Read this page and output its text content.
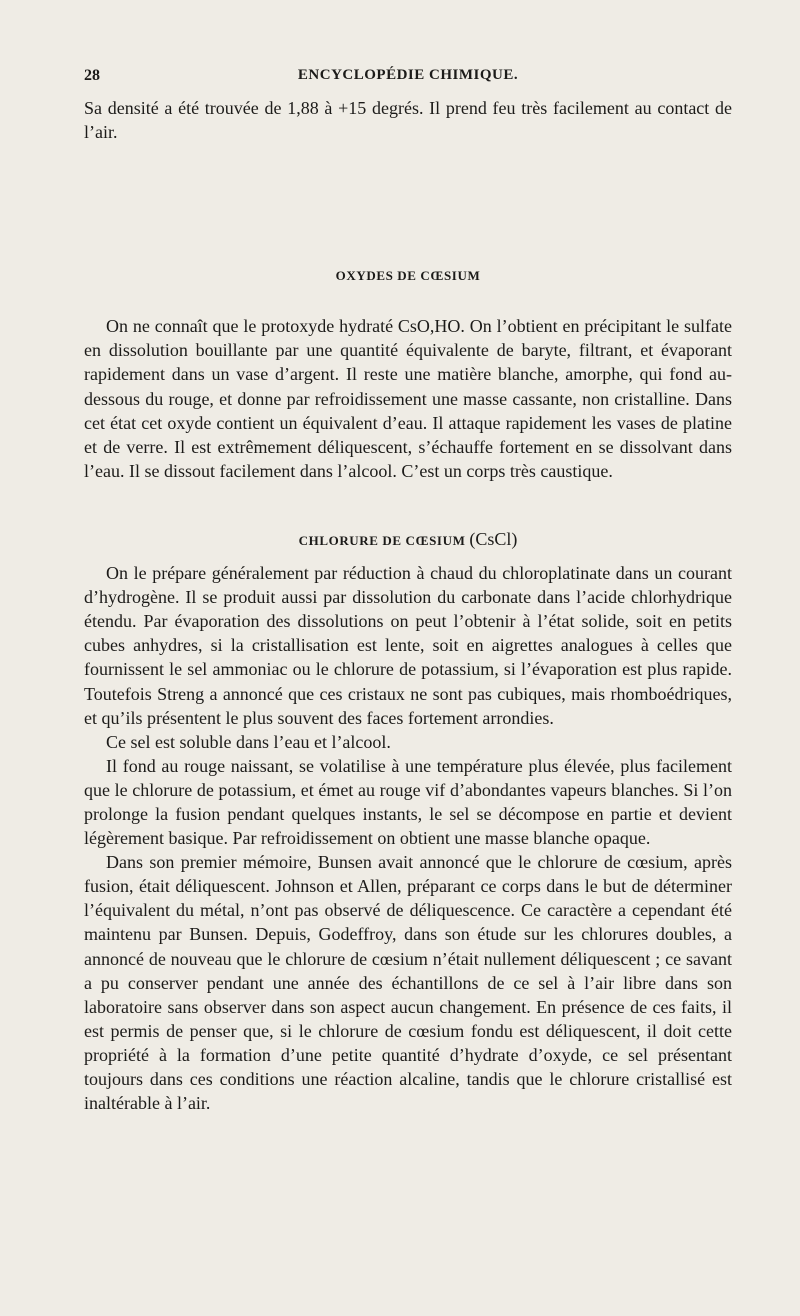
28	ENCYCLOPÉDIE CHIMIQUE.

Sa densité a été trouvée de 1,88 à +15 degrés. Il prend feu très facilement au contact de l’air.

OXYDES DE CŒSIUM

On ne connaît que le protoxyde hydraté CsO,HO. On l’obtient en précipitant le sulfate en dissolution bouillante par une quantité équivalente de baryte, filtrant, et évaporant rapidement dans un vase d’argent. Il reste une matière blanche, amorphe, qui fond au-dessous du rouge, et donne par refroidissement une masse cassante, non cristalline. Dans cet état cet oxyde contient un équivalent d’eau. Il attaque rapidement les vases de platine et de verre. Il est extrêmement déliquescent, s’échauffe fortement en se dissolvant dans l’eau. Il se dissout facilement dans l’alcool. C’est un corps très caustique.

CHLORURE DE CŒSIUM (CsCl)

On le prépare généralement par réduction à chaud du chloroplatinate dans un courant d’hydrogène. Il se produit aussi par dissolution du carbonate dans l’acide chlorhydrique étendu. Par évaporation des dissolutions on peut l’obtenir à l’état solide, soit en petits cubes anhydres, si la cristallisation est lente, soit en aigrettes analogues à celles que fournissent le sel ammoniac ou le chlorure de potassium, si l’évaporation est plus rapide. Toutefois Streng a annoncé que ces cristaux ne sont pas cubiques, mais rhomboédriques, et qu’ils présentent le plus souvent des faces fortement arrondies.

Ce sel est soluble dans l’eau et l’alcool.

Il fond au rouge naissant, se volatilise à une température plus élevée, plus facilement que le chlorure de potassium, et émet au rouge vif d’abondantes vapeurs blanches. Si l’on prolonge la fusion pendant quelques instants, le sel se décompose en partie et devient légèrement basique. Par refroidissement on obtient une masse blanche opaque.

Dans son premier mémoire, Bunsen avait annoncé que le chlorure de cœsium, après fusion, était déliquescent. Johnson et Allen, préparant ce corps dans le but de déterminer l’équivalent du métal, n’ont pas observé de déliquescence. Ce caractère a cependant été maintenu par Bunsen. Depuis, Godeffroy, dans son étude sur les chlorures doubles, a annoncé de nouveau que le chlorure de cœsium n’était nullement déliquescent ; ce savant a pu conserver pendant une année des échantillons de ce sel à l’air libre dans son laboratoire sans observer dans son aspect aucun changement. En présence de ces faits, il est permis de penser que, si le chlorure de cœsium fondu est déliquescent, il doit cette propriété à la formation d’une petite quantité d’hydrate d’oxyde, ce sel présentant toujours dans ces conditions une réaction alcaline, tandis que le chlorure cristallisé est inaltérable à l’air.
